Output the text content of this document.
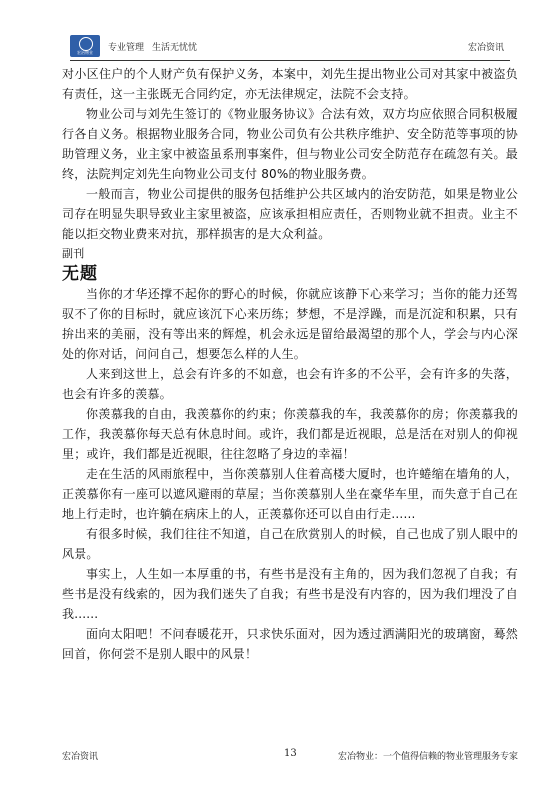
宏冶物业	专业管理 生活无忧忧	宏冶资讯

对小区住户的个人财产负有保护义务，本案中，刘先生提出物业公司对其家中被盗负有责任，这一主张既无合同约定，亦无法律规定，法院不会支持。

物业公司与刘先生签订的《物业服务协议》合法有效，双方均应依照合同积极履行各自义务。根据物业服务合同，物业公司负有公共秩序维护、安全防范等事项的协助管理义务，业主家中被盗虽系刑事案件，但与物业公司安全防范存在疏忽有关。最终，法院判定刘先生向物业公司支付 80%的物业服务费。

一般而言，物业公司提供的服务包括维护公共区域内的治安防范，如果是物业公司存在明显失职导致业主家里被盗，应该承担相应责任，否则物业就不担责。业主不能以拒交物业费来对抗，那样损害的是大众利益。

副刊

无题

当你的才华还撑不起你的野心的时候，你就应该静下心来学习；当你的能力还驾驭不了你的目标时，就应该沉下心来历练；梦想，不是浮躁，而是沉淀和积累，只有拚出来的美丽，没有等出来的辉煌，机会永远是留给最渴望的那个人，学会与内心深处的你对话，问问自己，想要怎么样的人生。

人来到这世上，总会有许多的不如意，也会有许多的不公平，会有许多的失落，也会有许多的羡慕。

你羡慕我的自由，我羡慕你的约束；你羡慕我的车，我羡慕你的房；你羡慕我的工作，我羡慕你每天总有休息时间。或许，我们都是近视眼，总是活在对别人的仰视里；或许，我们都是近视眼，往往忽略了身边的幸福！

走在生活的风雨旅程中，当你羡慕别人住着高楼大厦时，也许蜷缩在墙角的人，正羡慕你有一座可以遮风避雨的草屋；当你羡慕别人坐在豪华车里，而失意于自己在地上行走时，也许躺在病床上的人，正羡慕你还可以自由行走......

有很多时候，我们往往不知道，自己在欣赏别人的时候，自己也成了别人眼中的风景。

事实上，人生如一本厚重的书，有些书是没有主角的，因为我们忽视了自我；有些书是没有线索的，因为我们迷失了自我；有些书是没有内容的，因为我们埋没了自我......

面向太阳吧！不问春暖花开，只求快乐面对，因为透过洒满阳光的玻璃窗，蓦然回首，你何尝不是别人眼中的风景！

宏冶资讯	13	宏冶物业：一个值得信赖的物业管理服务专家
